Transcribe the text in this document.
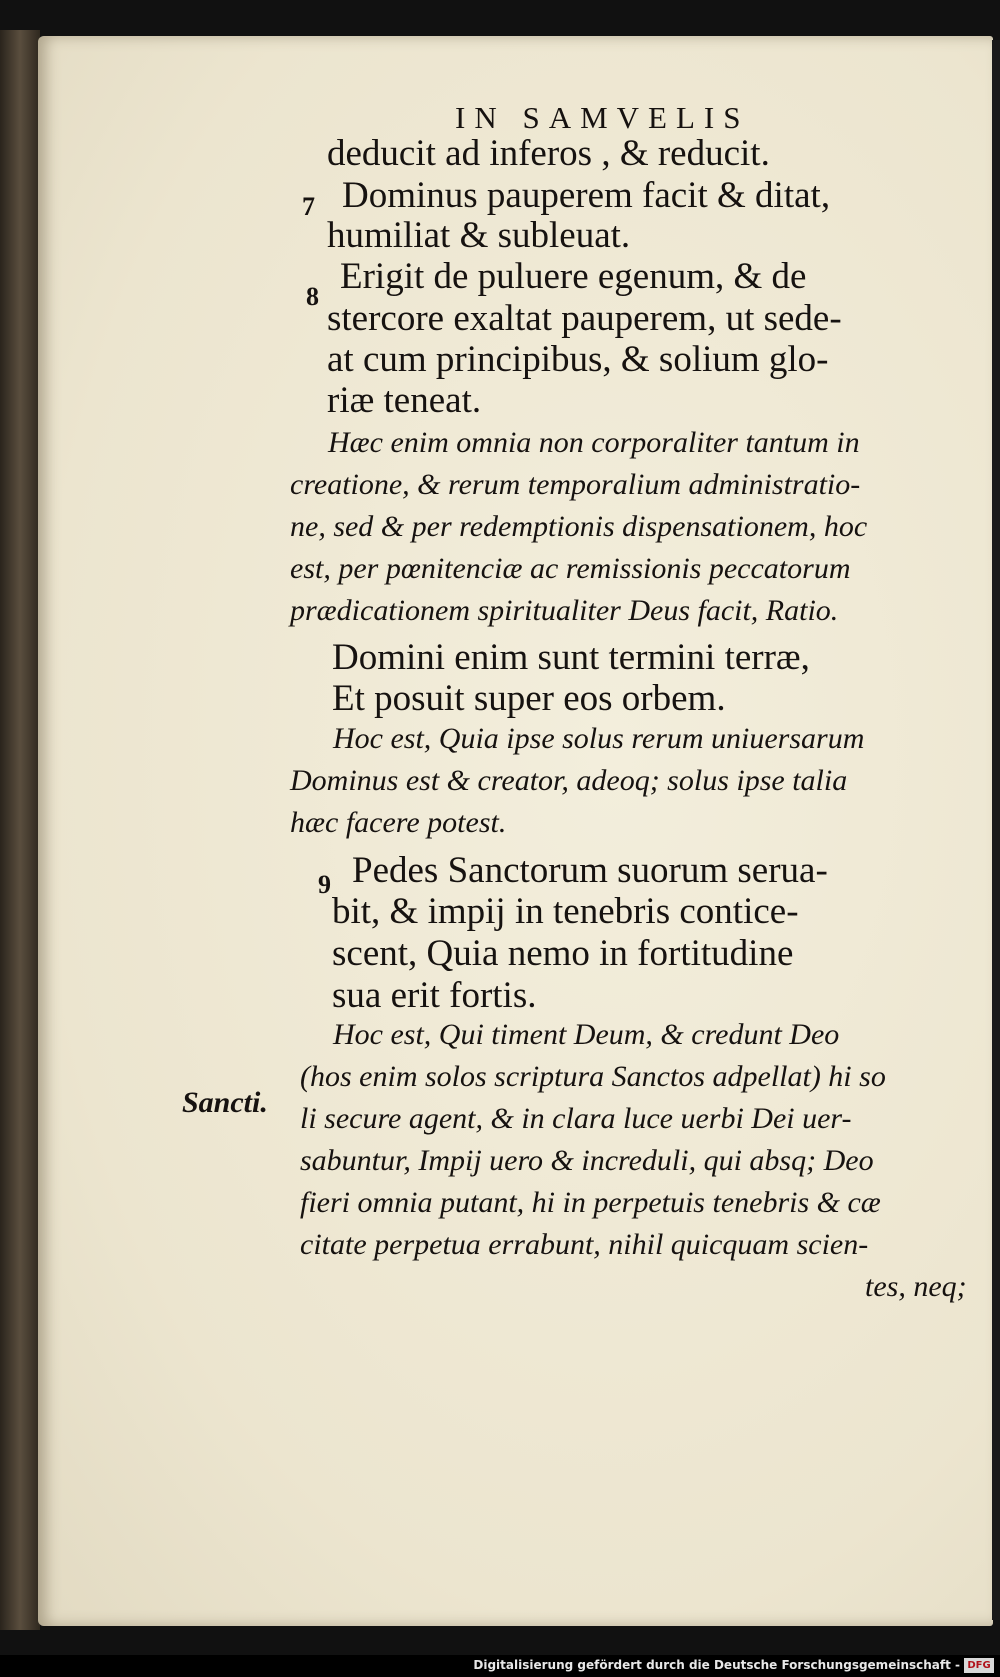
IN SAMVELIS
deducit ad inferos , & reducit.
Dominus pauperem facit & ditat,
humiliat & subleuat.
Erigit de puluere egenum, & de
stercore exaltat pauperem, ut sede-
at cum principibus, & solium glo-
riæ teneat.
Hæc enim omnia non corporaliter tantum in
creatione, & rerum temporalium administratio-
ne, sed & per redemptionis dispensationem, hoc
est, per pœnitenciæ ac remissionis peccatorum
prædicationem spiritualiter Deus facit, Ratio.
Domini enim sunt termini terræ,
Et posuit super eos orbem.
Hoc est, Quia ipse solus rerum uniuersarum
Dominus est & creator, adeoq; solus ipse talia
hæc facere potest.
Pedes Sanctorum suorum serua-
bit, & impij in tenebris contice-
scent, Quia nemo in fortitudine
sua erit fortis.
Hoc est, Qui timent Deum, & credunt Deo
(hos enim solos scriptura Sanctos adpellat) hi so
li secure agent, & in clara luce uerbi Dei uer-
sabuntur, Impij uero & increduli, qui absq; Deo
fieri omnia putant, hi in perpetuis tenebris & cæ
citate perpetua errabunt, nihil quicquam scien-
tes, neq;
7
8
9
Sancti.
Digitalisierung gefördert durch die Deutsche Forschungsgemeinschaft - DFG
